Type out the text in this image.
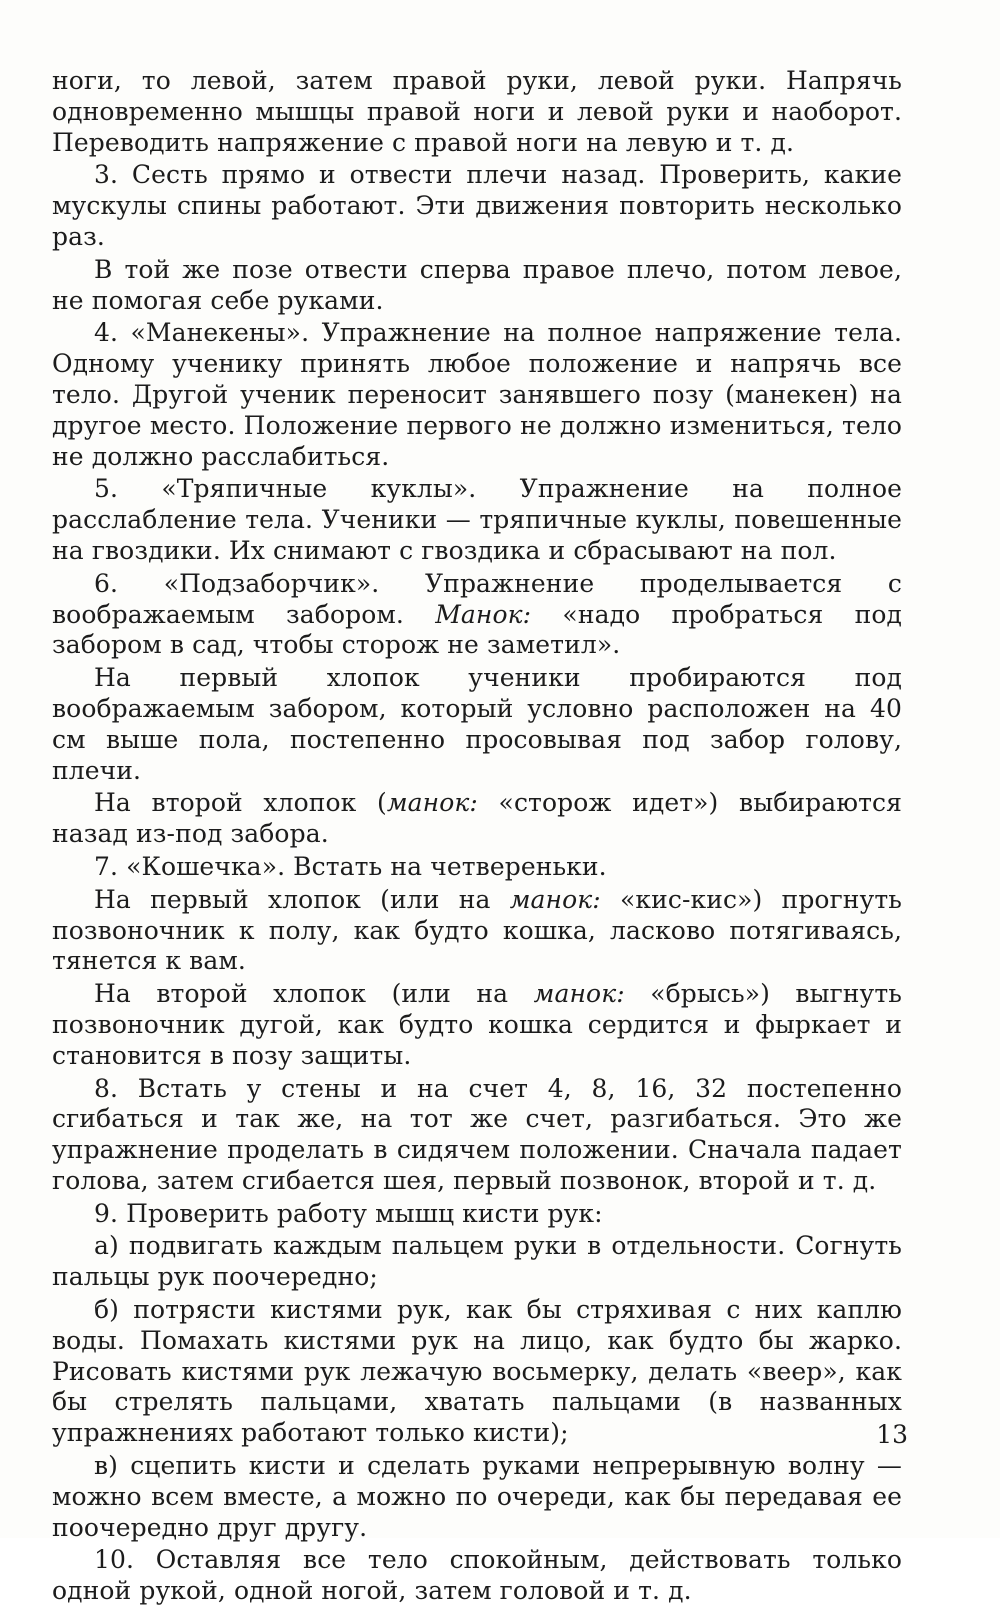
ноги, то левой, затем правой руки, левой руки. Напрячь одновременно мышцы правой ноги и левой руки и наоборот. Переводить напряжение с правой ноги на левую и т. д.

3. Сесть прямо и отвести плечи назад. Проверить, какие мускулы спины работают. Эти движения повторить несколько раз.

В той же позе отвести сперва правое плечо, потом левое, не помогая себе руками.

4. «Манекены». Упражнение на полное напряжение тела. Одному ученику принять любое положение и напрячь все тело. Другой ученик переносит занявшего позу (манекен) на другое место. Положение первого не должно измениться, тело не должно расслабиться.

5. «Тряпичные куклы». Упражнение на полное расслабление тела. Ученики — тряпичные куклы, повешенные на гвоздики. Их снимают с гвоздика и сбрасывают на пол.

6. «Подзаборчик». Упражнение проделывается с воображаемым забором. Манок: «надо пробраться под забором в сад, чтобы сторож не заметил».

На первый хлопок ученики пробираются под воображаемым забором, который условно расположен на 40 см выше пола, постепенно просовывая под забор голову, плечи.

На второй хлопок (манок: «сторож идет») выбираются назад из-под забора.

7. «Кошечка». Встать на четвереньки.

На первый хлопок (или на манок: «кис-кис») прогнуть позвоночник к полу, как будто кошка, ласково потягиваясь, тянется к вам.

На второй хлопок (или на манок: «брысь») выгнуть позвоночник дугой, как будто кошка сердится и фыркает и становится в позу защиты.

8. Встать у стены и на счет 4, 8, 16, 32 постепенно сгибаться и так же, на тот же счет, разгибаться. Это же упражнение проделать в сидячем положении. Сначала падает голова, затем сгибается шея, первый позвонок, второй и т. д.

9. Проверить работу мышц кисти рук:

а) подвигать каждым пальцем руки в отдельности. Согнуть пальцы рук поочередно;

б) потрясти кистями рук, как бы стряхивая с них каплю воды. Помахать кистями рук на лицо, как будто бы жарко. Рисовать кистями рук лежачую восьмерку, делать «веер», как бы стрелять пальцами, хватать пальцами (в названных упражнениях работают только кисти);

в) сцепить кисти и сделать руками непрерывную волну — можно всем вместе, а можно по очереди, как бы передавая ее поочередно друг другу.

10. Оставляя все тело спокойным, действовать только одной рукой, одной ногой, затем головой и т. д.

13
